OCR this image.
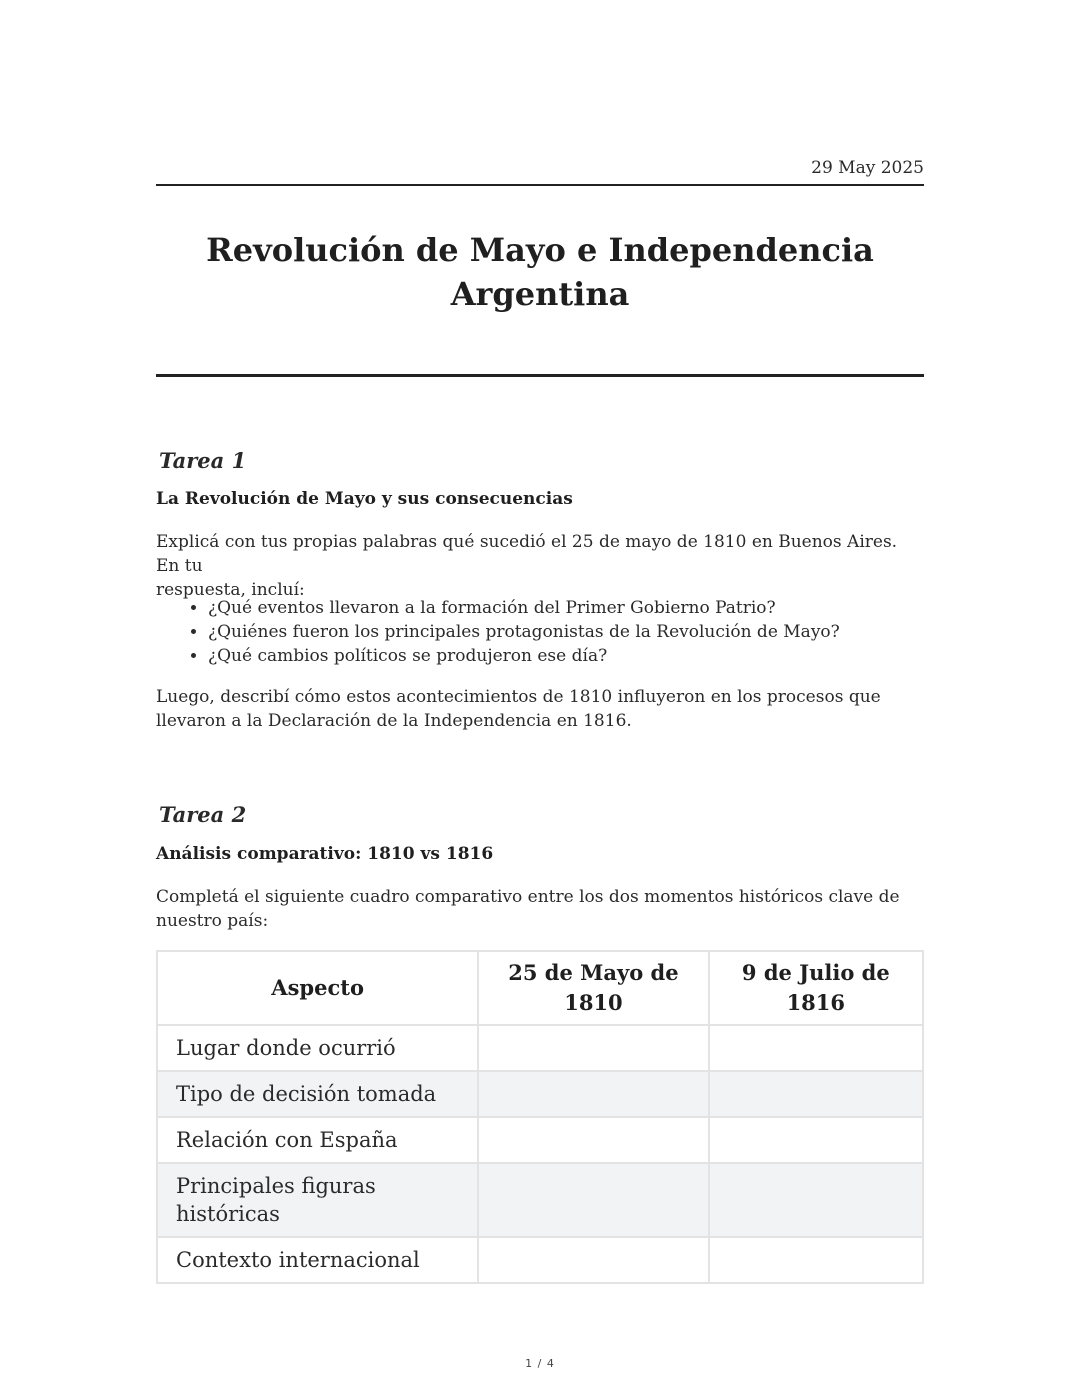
29 May 2025
Revolución de Mayo e Independencia
Argentina
Tarea 1
La Revolución de Mayo y sus consecuencias
Explicá con tus propias palabras qué sucedió el 25 de mayo de 1810 en Buenos Aires. En tu
respuesta, incluí:
• ¿Qué eventos llevaron a la formación del Primer Gobierno Patrio?
• ¿Quiénes fueron los principales protagonistas de la Revolución de Mayo?
• ¿Qué cambios políticos se produjeron ese día?
Luego, describí cómo estos acontecimientos de 1810 influyeron en los procesos que
llevaron a la Declaración de la Independencia en 1816.
Tarea 2
Análisis comparativo: 1810 vs 1816
Completá el siguiente cuadro comparativo entre los dos momentos históricos clave de
nuestro país:
Aspecto	25 de Mayo de 1810	9 de Julio de 1816
Lugar donde ocurrió		
Tipo de decisión tomada		
Relación con España		
Principales figuras históricas		
Contexto internacional		
1 / 4
